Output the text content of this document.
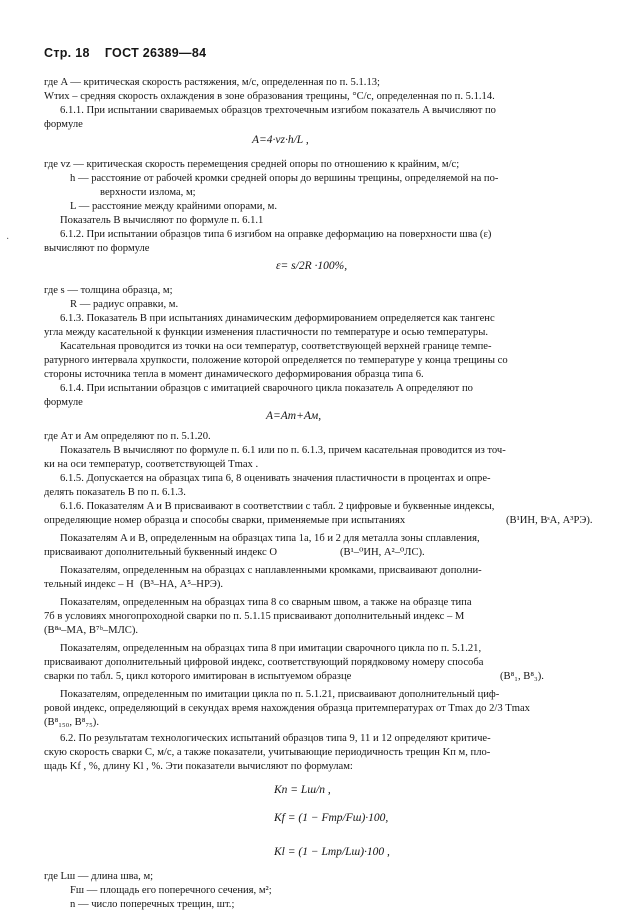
Стр. 18 ГОСТ 26389—84
где A — критическая скорость растяжения, м/с, определенная по п. 5.1.13;
Wтих – средняя скорость охлаждения в зоне образования трещины, °С/с, определенная по п. 5.1.14.
6.1.1. При испытании свариваемых образцов трехточечным изгибом показатель A вычисляют по
формуле
A=4·vz·h/L ,
где vz — критическая скорость перемещения средней опоры по отношению к крайним, м/с;
h — расстояние от рабочей кромки средней опоры до вершины трещины, определяемой на по-
верхности излома, м;
L — расстояние между крайними опорами, м.
Показатель B вычисляют по формуле п. 6.1.1
6.1.2. При испытании образцов типа 6 изгибом на оправке деформацию на поверхности шва (ε)
вычисляют по формуле
ε= s/2R ·100%,
где s — толщина образца, м;
R — радиус оправки, м.
6.1.3. Показатель B при испытаниях динамическим деформированием определяется как тангенс
угла между касательной к функции изменения пластичности по температуре и осью температуры.
Касательная проводится из точки на оси температур, соответствующей верхней границе темпе-
ратурного интервала хрупкости, положение которой определяется по температуре у конца трещины со
стороны источника тепла в момент динамического деформирования образца типа 6.
6.1.4. При испытании образцов с имитацией сварочного цикла показатель A определяют по
формуле
A=Aт+Aм,
где Aт и Aм определяют по п. 5.1.20.
Показатель B вычисляют по формуле п. 6.1 или по п. 6.1.3, причем касательная проводится из точ-
ки на оси температур, соответствующей Tmax .
6.1.5. Допускается на образцах типа 6, 8 оценивать значения пластичности в процентах и опре-
делять показатель B по п. 6.1.3.
6.1.6. Показателям A и B присваивают в соответствии с табл. 2 цифровые и буквенные индексы,
определяющие номер образца и способы сварки, применяемые при испытаниях	(B¹ИН, BˢА, A³РЭ).
Показателям A и B, определенным на образцах типа 1а, 1б и 2 для металла зоны сплавления,
присваивают дополнительный буквенный индекс О	(B¹–⁰ИН, A²–⁰ЛС).
Показателям, определенным на образцах с наплавленными кромками, присваивают дополни-
тельный индекс – Н (B³–НА, A⁵–НРЭ).
Показателям, определенным на образцах типа 8 со сварным швом, а также на образце типа
7б в условиях многопроходной сварки по п. 5.1.15 присваивают дополнительный индекс – М
(B⁸ᵃ–МА, B⁷ᵇ–МЛС).
Показателям, определенным на образцах типа 8 при имитации сварочного цикла по п. 5.1.21,
присваивают дополнительный цифровой индекс, соответствующий порядковому номеру способа
сварки по табл. 5, цикл которого имитирован в испытуемом образце	(B⁸₁, B⁸₃).
Показателям, определенным по имитации цикла по п. 5.1.21, присваивают дополнительный циф-
ровой индекс, определяющий в секундах время нахождения образца притемпературах от Tmax до 2/3 Tmax
(B⁸₁₅₀, B⁸₇₅).
6.2. По результатам технологических испытаний образцов типа 9, 11 и 12 определяют критиче-
скую скорость сварки C, м/с, а также показатели, учитывающие периодичность трещин Kп м, пло-
щадь Kf , %, длину Kl , %. Эти показатели вычисляют по формулам:
Kп = Lш/n ,
Kf = (1 − Fтр/Fш)·100,
Kl = (1 − Lтр/Lш)·100 ,
где Lш — длина шва, м;
Fш — площадь его поперечного сечения, м²;
n — число поперечных трещин, шт.;
·
